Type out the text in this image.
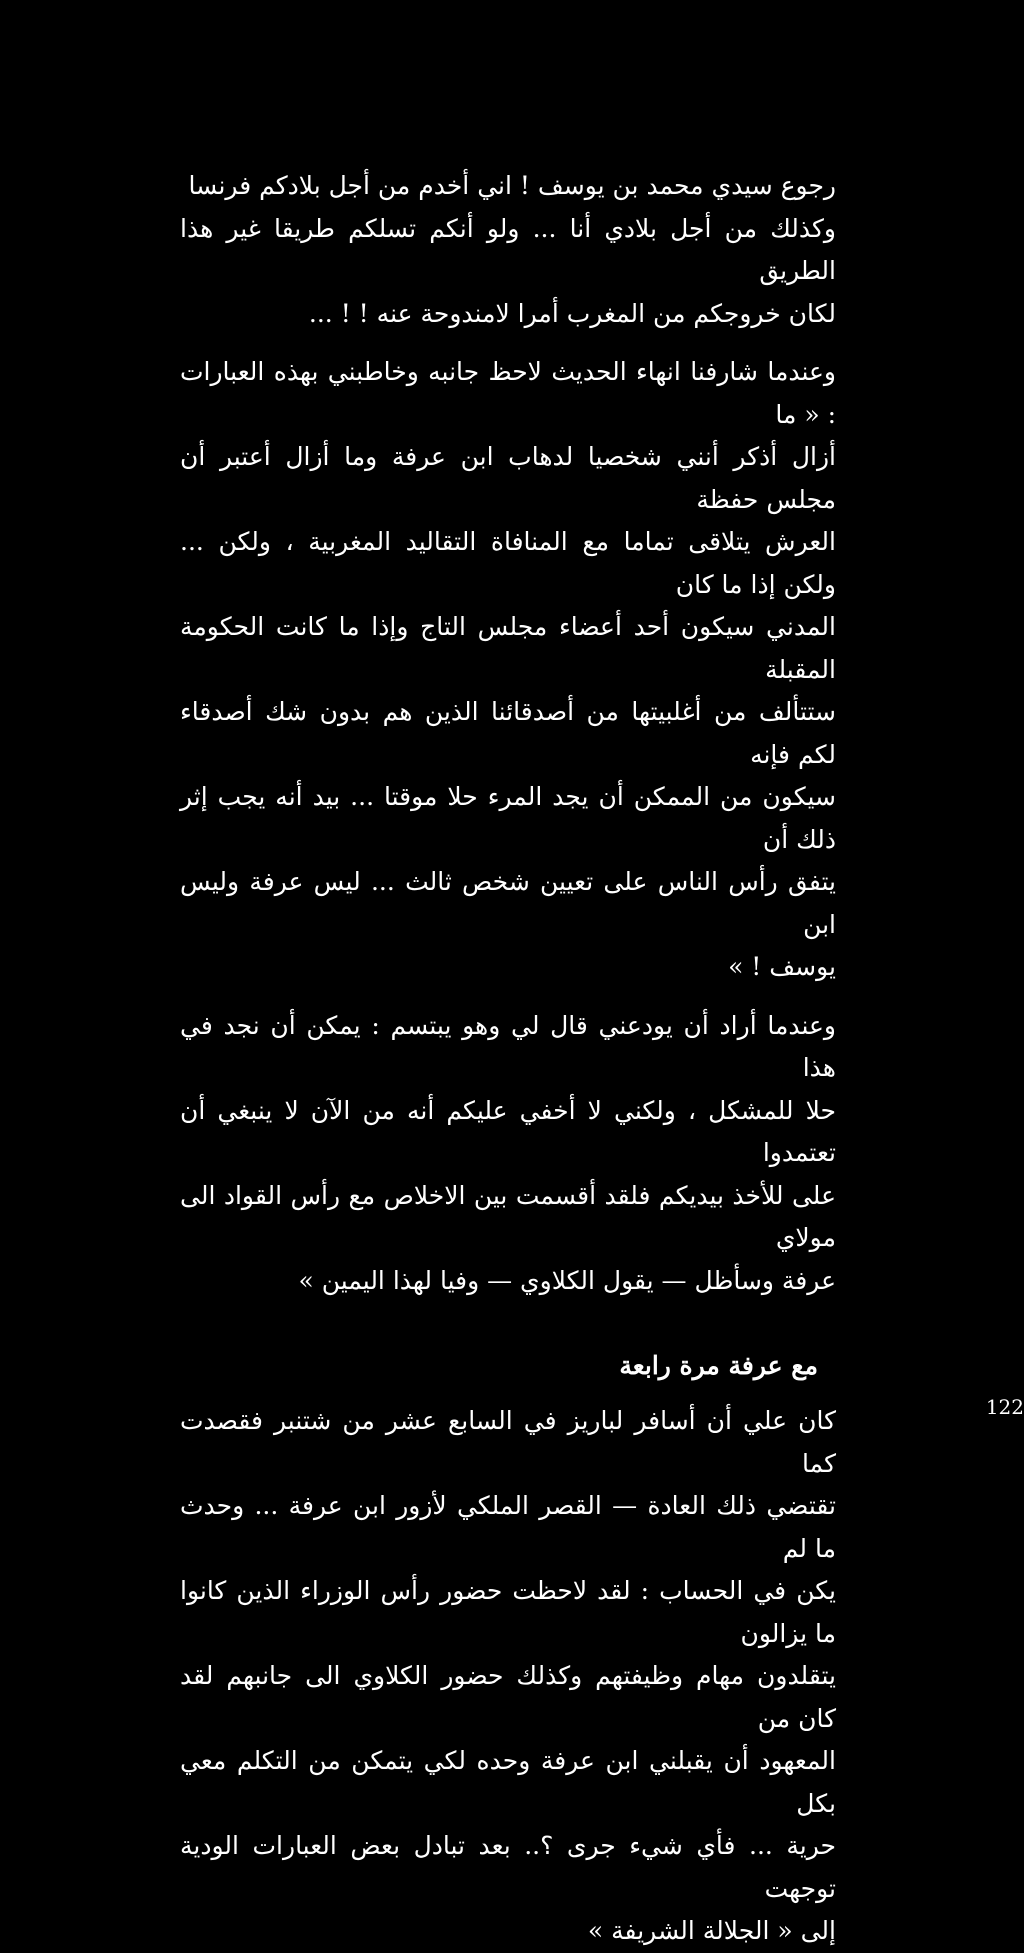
رجوع سيدي محمد بن يوسف ! اني أخدم من أجل بلادكم فرنسا
وكذلك من أجل بلادي أنا ... ولو أنكم تسلكم طريقا غير هذا الطريق
لكان خروجكم من المغرب أمرا لامندوحة عنه ! ! ...

وعندما شارفنا انهاء الحديث لاحظ جانبه وخاطبني بهذه العبارات : « ما
أزال أذكر أنني شخصيا لدهاب ابن عرفة وما أزال أعتبر أن مجلس حفظة
العرش يتلاقى تماما مع المنافاة التقاليد المغربية ، ولكن ... ولكن إذا ما كان
المدني سيكون أحد أعضاء مجلس التاج وإذا ما كانت الحكومة المقبلة
ستتألف من أغلبيتها من أصدقائنا الذين هم بدون شك أصدقاء لكم فإنه
سيكون من الممكن أن يجد المرء حلا موقتا ... بيد أنه يجب إثر ذلك أن
يتفق رأس الناس على تعيين شخص ثالث ... ليس عرفة وليس ابن
يوسف ! »

وعندما أراد أن يودعني قال لي وهو يبتسم : يمكن أن نجد في هذا
حلا للمشكل ، ولكني لا أخفي عليكم أنه من الآن لا ينبغي أن تعتمدوا
على للأخذ بيديكم فلقد أقسمت بين الاخلاص مع رأس القواد الى مولاي
عرفة وسأظل — يقول الكلاوي — وفيا لهذا اليمين »

مع عرفة مرة رابعة

كان علي أن أسافر لباريز في السابع عشر من شتنبر فقصدت كما
تقتضي ذلك العادة — القصر الملكي لأزور ابن عرفة ... وحدث ما لم
يكن في الحساب : لقد لاحظت حضور رأس الوزراء الذين كانوا ما يزالون
يتقلدون مهام وظيفتهم وكذلك حضور الكلاوي الى جانبهم لقد كان من
المعهود أن يقبلني ابن عرفة وحده لكي يتمكن من التكلم معي بكل
حرية ... فأي شيء جرى ؟.. بعد تبادل بعض العبارات الودية توجهت
إلى « الجلالة الشريفة »

122
